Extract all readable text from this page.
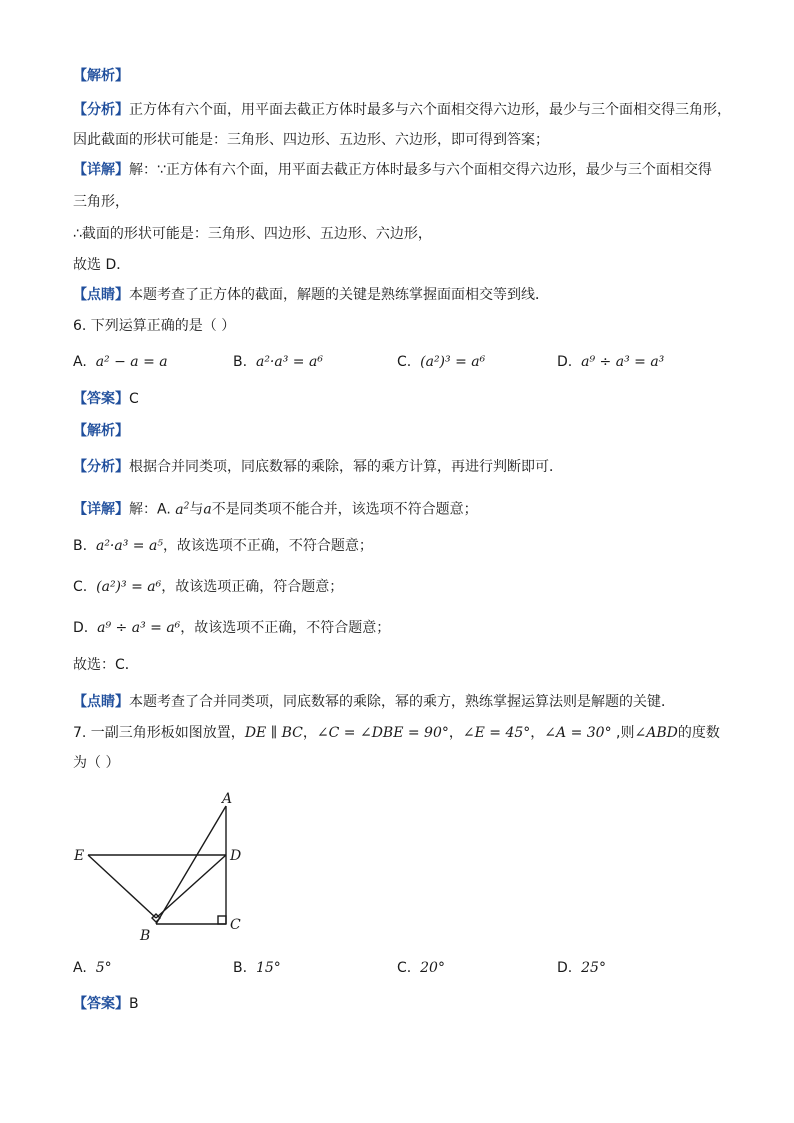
【解析】
【分析】正方体有六个面，用平面去截正方体时最多与六个面相交得六边形，最少与三个面相交得三角形，
因此截面的形状可能是：三角形、四边形、五边形、六边形，即可得到答案；
【详解】解：∵正方体有六个面，用平面去截正方体时最多与六个面相交得六边形，最少与三个面相交得
三角形，
∴截面的形状可能是：三角形、四边形、五边形、六边形，
故选 D．
【点睛】本题考查了正方体的截面，解题的关键是熟练掌握面面相交等到线．
6. 下列运算正确的是（ ）
A. a² − a = a	B. a²·a³ = a⁶	C. (a²)³ = a⁶	D. a⁹ ÷ a³ = a³
【答案】C
【解析】
【分析】根据合并同类项，同底数幂的乘除，幂的乘方计算，再进行判断即可．
【详解】解：A. $a^2$与a不是同类项不能合并，该选项不符合题意；
B. a²·a³ = a⁵，故该选项不正确，不符合题意；
C. (a²)³ = a⁶，故该选项正确，符合题意；
D. a⁹ ÷ a³ = a⁶，故该选项不正确，不符合题意；
故选：C．
【点睛】本题考查了合并同类项，同底数幂的乘除，幂的乘方，熟练掌握运算法则是解题的关键．
7. 一副三角形板如图放置，DE ∥ BC，∠C = ∠DBE = 90°，∠E = 45°，∠A = 30° ,则∠ABD的度数
为（ ）
A
B
C
D
E
A. 5°	B. 15°	C. 20°	D. 25°
【答案】B
